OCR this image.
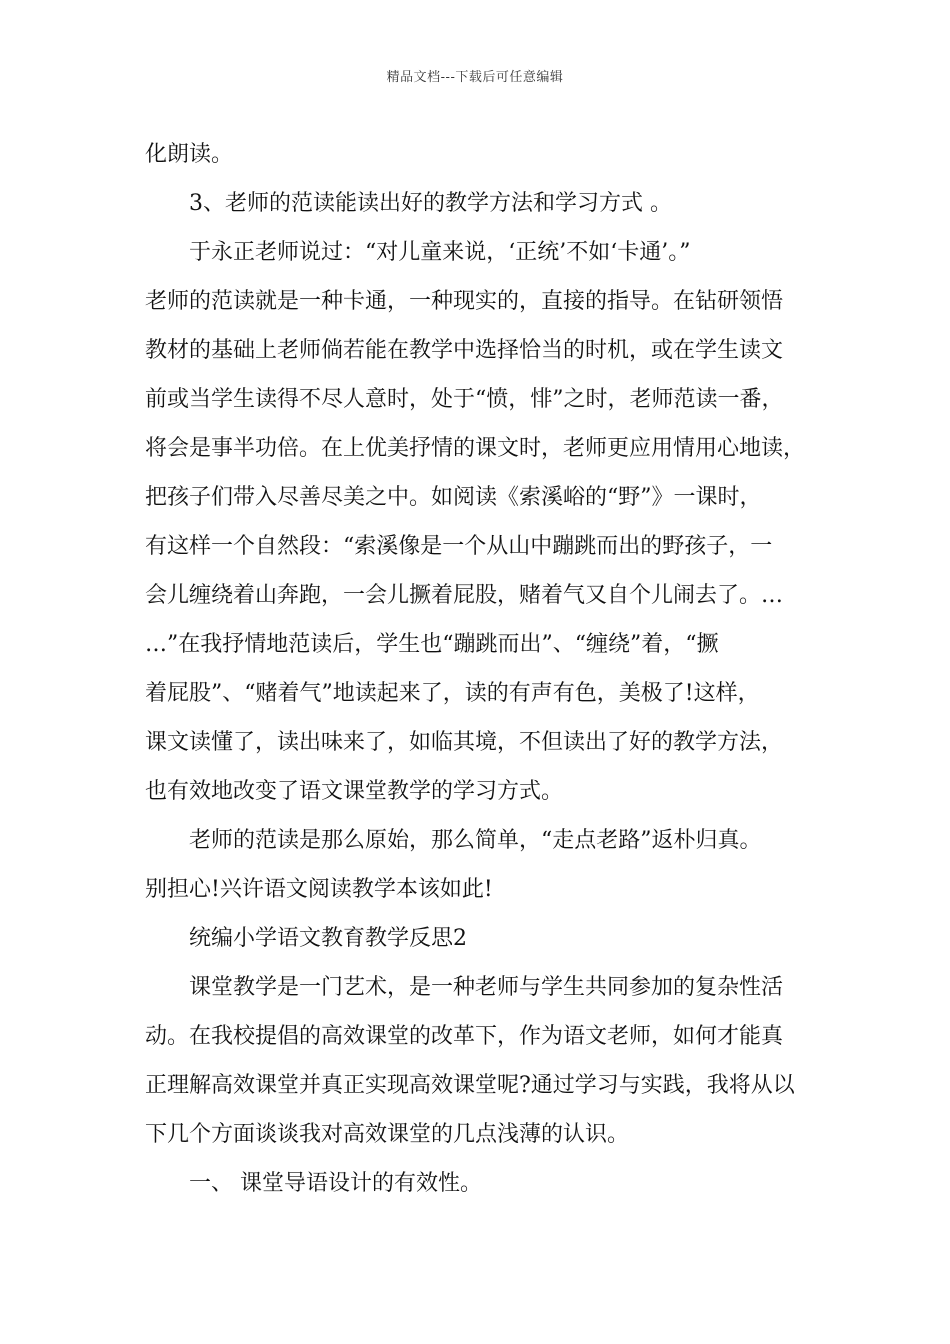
精品文档---下载后可任意编辑
化朗读。
3、老师的范读能读出好的教学方法和学习方式 。
于永正老师说过：“对儿童来说，‘正统’不如‘卡通’。”
老师的范读就是一种卡通，一种现实的，直接的指导。在钻研领悟
教材的基础上老师倘若能在教学中选择恰当的时机，或在学生读文
前或当学生读得不尽人意时，处于“愤，悱”之时，老师范读一番，
将会是事半功倍。在上优美抒情的课文时，老师更应用情用心地读，
把孩子们带入尽善尽美之中。如阅读《索溪峪的“野”》一课时，
有这样一个自然段：“索溪像是一个从山中蹦跳而出的野孩子，一
会儿缠绕着山奔跑，一会儿撅着屁股，赌着气又自个儿闹去了。…
…”在我抒情地范读后，学生也“蹦跳而出”、“缠绕”着，“撅
着屁股”、“赌着气”地读起来了，读的有声有色，美极了!这样，
课文读懂了，读出味来了，如临其境，不但读出了好的教学方法，
也有效地改变了语文课堂教学的学习方式。
老师的范读是那么原始，那么简单，“走点老路”返朴归真。
别担心!兴许语文阅读教学本该如此!
统编小学语文教育教学反思2
课堂教学是一门艺术，是一种老师与学生共同参加的复杂性活
动。在我校提倡的高效课堂的改革下，作为语文老师，如何才能真
正理解高效课堂并真正实现高效课堂呢?通过学习与实践，我将从以
下几个方面谈谈我对高效课堂的几点浅薄的认识。
一、 课堂导语设计的有效性。
